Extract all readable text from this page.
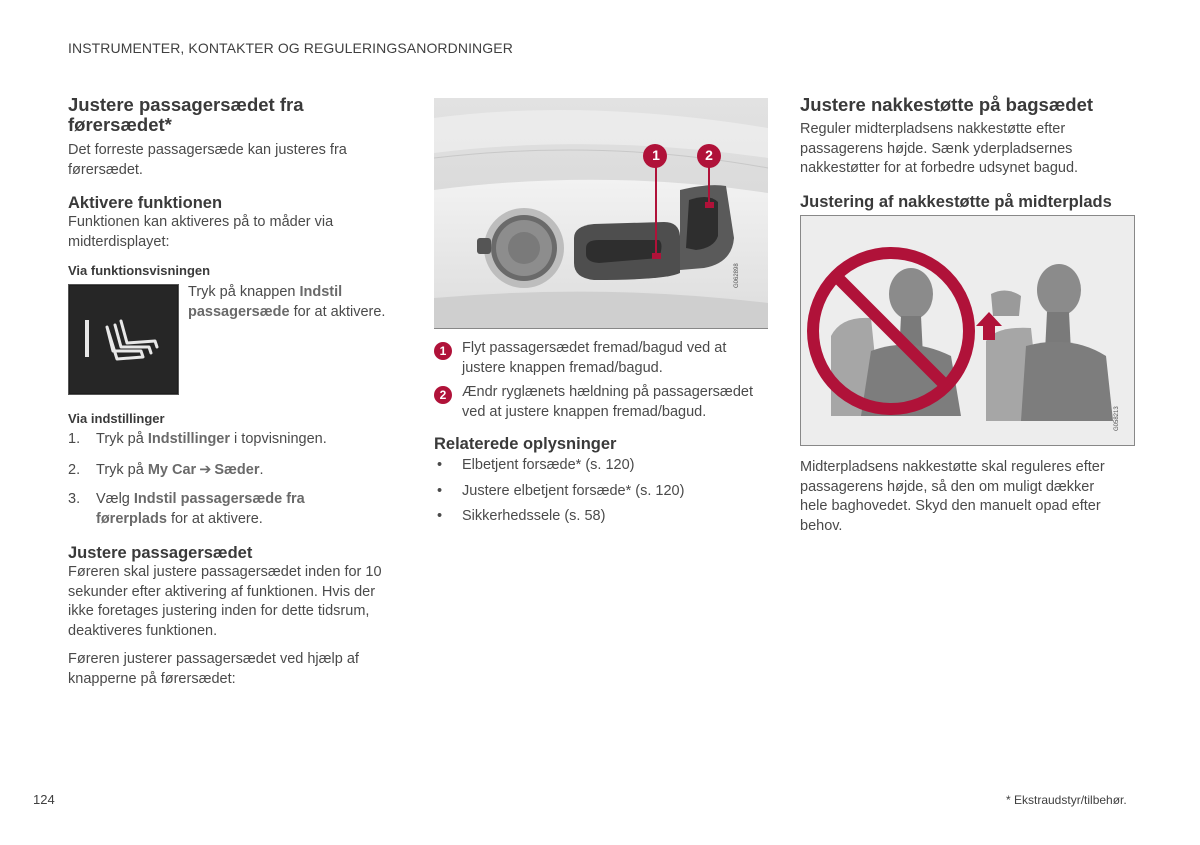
INSTRUMENTER, KONTAKTER OG REGULERINGSANORDNINGER
Justere passagersædet fra førersædet*

Det forreste passagersæde kan justeres fra førersædet.

Aktivere funktionen

Funktionen kan aktiveres på to måder via midterdisplayet:

Via funktionsvisningen

Tryk på knappen Indstil passagersæde for at aktivere.

Via indstillinger
1. Tryk på Indstillinger i topvisningen.
2. Tryk på My Car ➔ Sæder.
3. Vælg Indstil passagersæde fra førerplads for at aktivere.
Justere passagersædet

Føreren skal justere passagersædet inden for 10 sekunder efter aktivering af funktionen. Hvis der ikke foretages justering inden for dette tidsrum, deaktiveres funktionen.

Føreren justerer passagersædet ved hjælp af knapperne på førersædet:

1	2
G062898
1	Flyt passagersædet fremad/bagud ved at justere knappen fremad/bagud.

2	Ændr ryglænets hældning på passagersædet ved at justere knappen fremad/bagud.

Relaterede oplysninger
• Elbetjent forsæde* (s. 120)
• Justere elbetjent forsæde* (s. 120)
• Sikkerhedssele (s. 58)
Justere nakkestøtte på bagsædet

Reguler midterpladsens nakkestøtte efter passagerens højde. Sænk yderpladsernes nakkestøtter for at forbedre udsynet bagud.

Justering af nakkestøtte på midterplads
G058213

Midterpladsens nakkestøtte skal reguleres efter passagerens højde, så den om muligt dækker hele baghovedet. Skyd den manuelt opad efter behov.

124	* Ekstraudstyr/tilbehør.
